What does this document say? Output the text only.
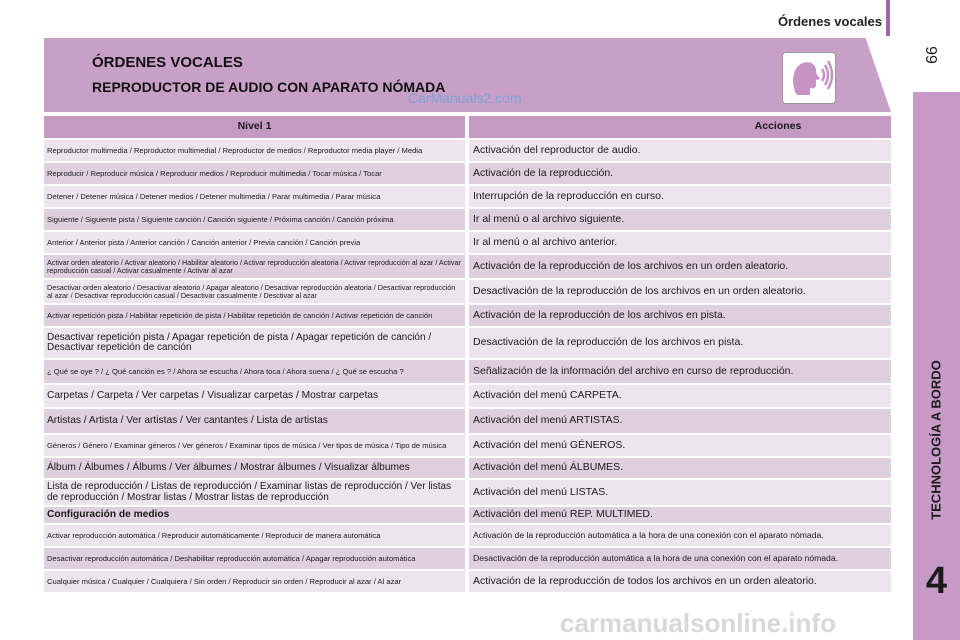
Órdenes vocales
99
TECHNOLOGÍA A BORDO
4
ÓRDENES VOCALES
REPRODUCTOR DE AUDIO CON APARATO NÓMADA
CarManuals2.com
Nivel 1	Acciones
Reproductor multimedia / Reproductor multimedial / Reproductor de medios / Reproductor media player / Media	Activación del reproductor de audio.
Reproducir / Reproducir música / Reproducir medios / Reproducir multimedia / Tocar música / Tocar	Activación de la reproducción.
Detener / Detener música / Detener medios / Detener multimedia / Parar multimedia / Parar música	Interrupción de la reproducción en curso.
Siguiente / Siguiente pista / Siguiente canción / Canción siguiente / Próxima canción / Canción próxima	Ir al menú o al archivo siguiente.
Anterior / Anterior pista / Anterior canción / Canción anterior / Previa canción / Canción previa	Ir al menú o al archivo anterior.
Activar orden aleatorio / Activar aleatorio / Habilitar aleatorio / Activar reproducción aleatoria / Activar reproducción al azar / Activar reproducción casual / Activar casualmente / Activar al azar	Activación de la reproducción de los archivos en un orden aleatorio.
Desactivar orden aleatorio / Desactivar aleatorio / Apagar aleatorio / Desactivar reproducción aleatoria / Desactivar reproducción al azar / Desactivar reproducción casual / Desactivar casualmente / Desctivar al azar	Desactivación de la reproducción de los archivos en un orden aleatorio.
Activar repetición pista / Habilitar repetición de pista / Habilitar repetición de canción / Activar repetición de canción	Activación de la reproducción de los archivos en pista.
Desactivar repetición pista / Apagar repetición de pista / Apagar repetición de canción / Desactivar repetición de canción	Desactivación de la reproducción de los archivos en pista.
¿ Qué se oye ? / ¿ Qué canción es ? / Ahora se escucha / Ahora toca / Ahora suena / ¿ Qué se escucha ?	Señalización de la información del archivo en curso de reproducción.
Carpetas / Carpeta / Ver carpetas / Visualizar carpetas / Mostrar carpetas	Activación del menú CARPETA.
Artistas / Artista / Ver artistas / Ver cantantes / Lista de artistas	Activación del menú ARTISTAS.
Géneros / Género / Examinar géneros / Ver géneros / Examinar tipos de música / Ver tipos de música / Tipo de música	Activación del menú GÉNEROS.
Álbum / Álbumes / Álbums / Ver álbumes / Mostrar álbumes / Visualizar álbumes	Activación del menú ÁLBUMES.
Lista de reproducción / Listas de reproducción / Examinar listas de reproducción / Ver listas de reproducción / Mostrar listas / Mostrar listas de reproducción	Activación del menú LISTAS.
Configuración de medios	Activación del menú REP. MULTIMED.
Activar reproducción automática / Reproducir automáticamente / Reproducir de manera automática	Activación de la reproducción automática a la hora de una conexión con el aparato nómada.
Desactivar reproducción automática / Deshabilitar reproducción automática / Apagar reproducción automática	Desactivación de la reproducción automática a la hora de una conexión con el aparato nómada.
Cualquier música / Cualquier / Cualquiera / Sin orden / Reproducir sin orden / Reproducir al azar / Al azar	Activación de la reproducción de todos los archivos en un orden aleatorio.
carmanualsonline.info
